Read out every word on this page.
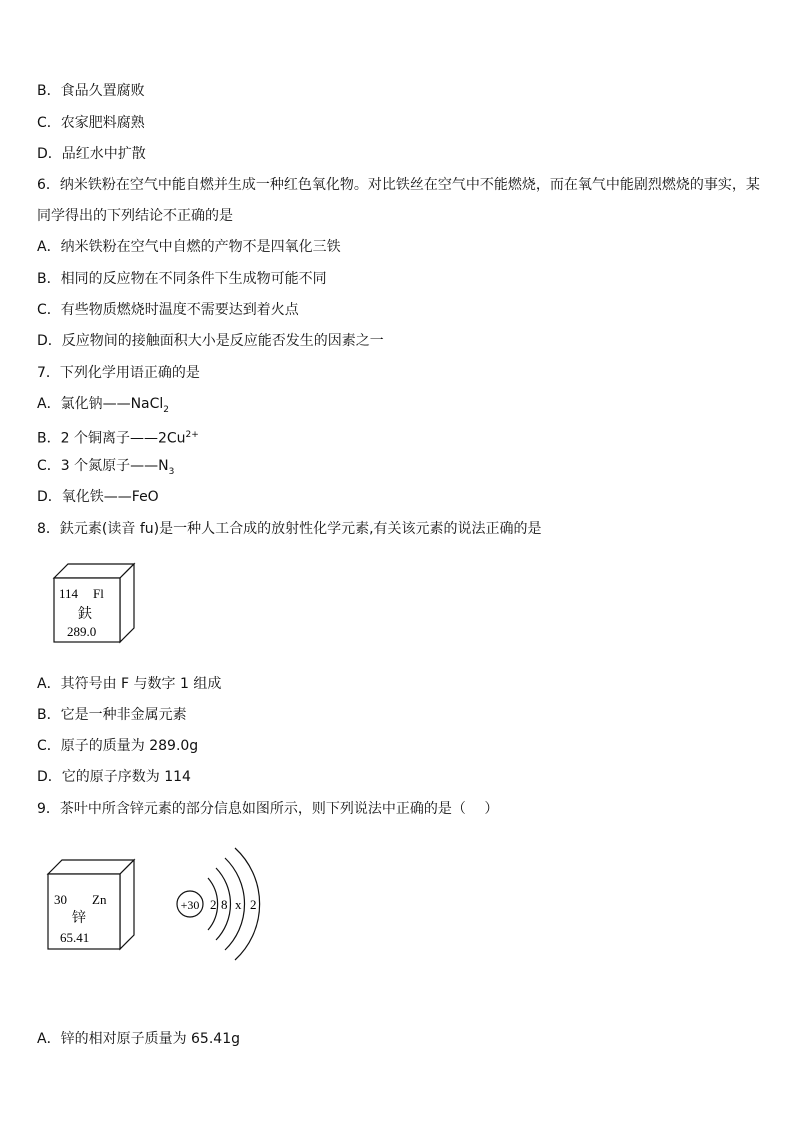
B．食品久置腐败
C．农家肥料腐熟
D．品红水中扩散
6．纳米铁粉在空气中能自燃并生成一种红色氧化物。对比铁丝在空气中不能燃烧，而在氧气中能剧烈燃烧的事实，某
同学得出的下列结论不正确的是
A．纳米铁粉在空气中自燃的产物不是四氧化三铁
B．相同的反应物在不同条件下生成物可能不同
C．有些物质燃烧时温度不需要达到着火点
D．反应物间的接触面积大小是反应能否发生的因素之一
7．下列化学用语正确的是
A．氯化钠——NaCl$_2$
B．2 个铜离子$——2Cu^{2+}$
C．3 个氮原子$——N_3$
D．氧化铁——FeO
8．鈇元素(读音 fu)是一种人工合成的放射性化学元素,有关该元素的说法正确的是
114 Fl
鈇
289.0
A．其符号由 F 与数字 1 组成
B．它是一种非金属元素
C．原子的质量为 289.0g
D．它的原子序数为 114
9．茶叶中所含锌元素的部分信息如图所示，则下列说法中正确的是（　 ）
30 Zn
锌
65.41
+30 2 8 x 2
A．锌的相对原子质量为 65.41g
